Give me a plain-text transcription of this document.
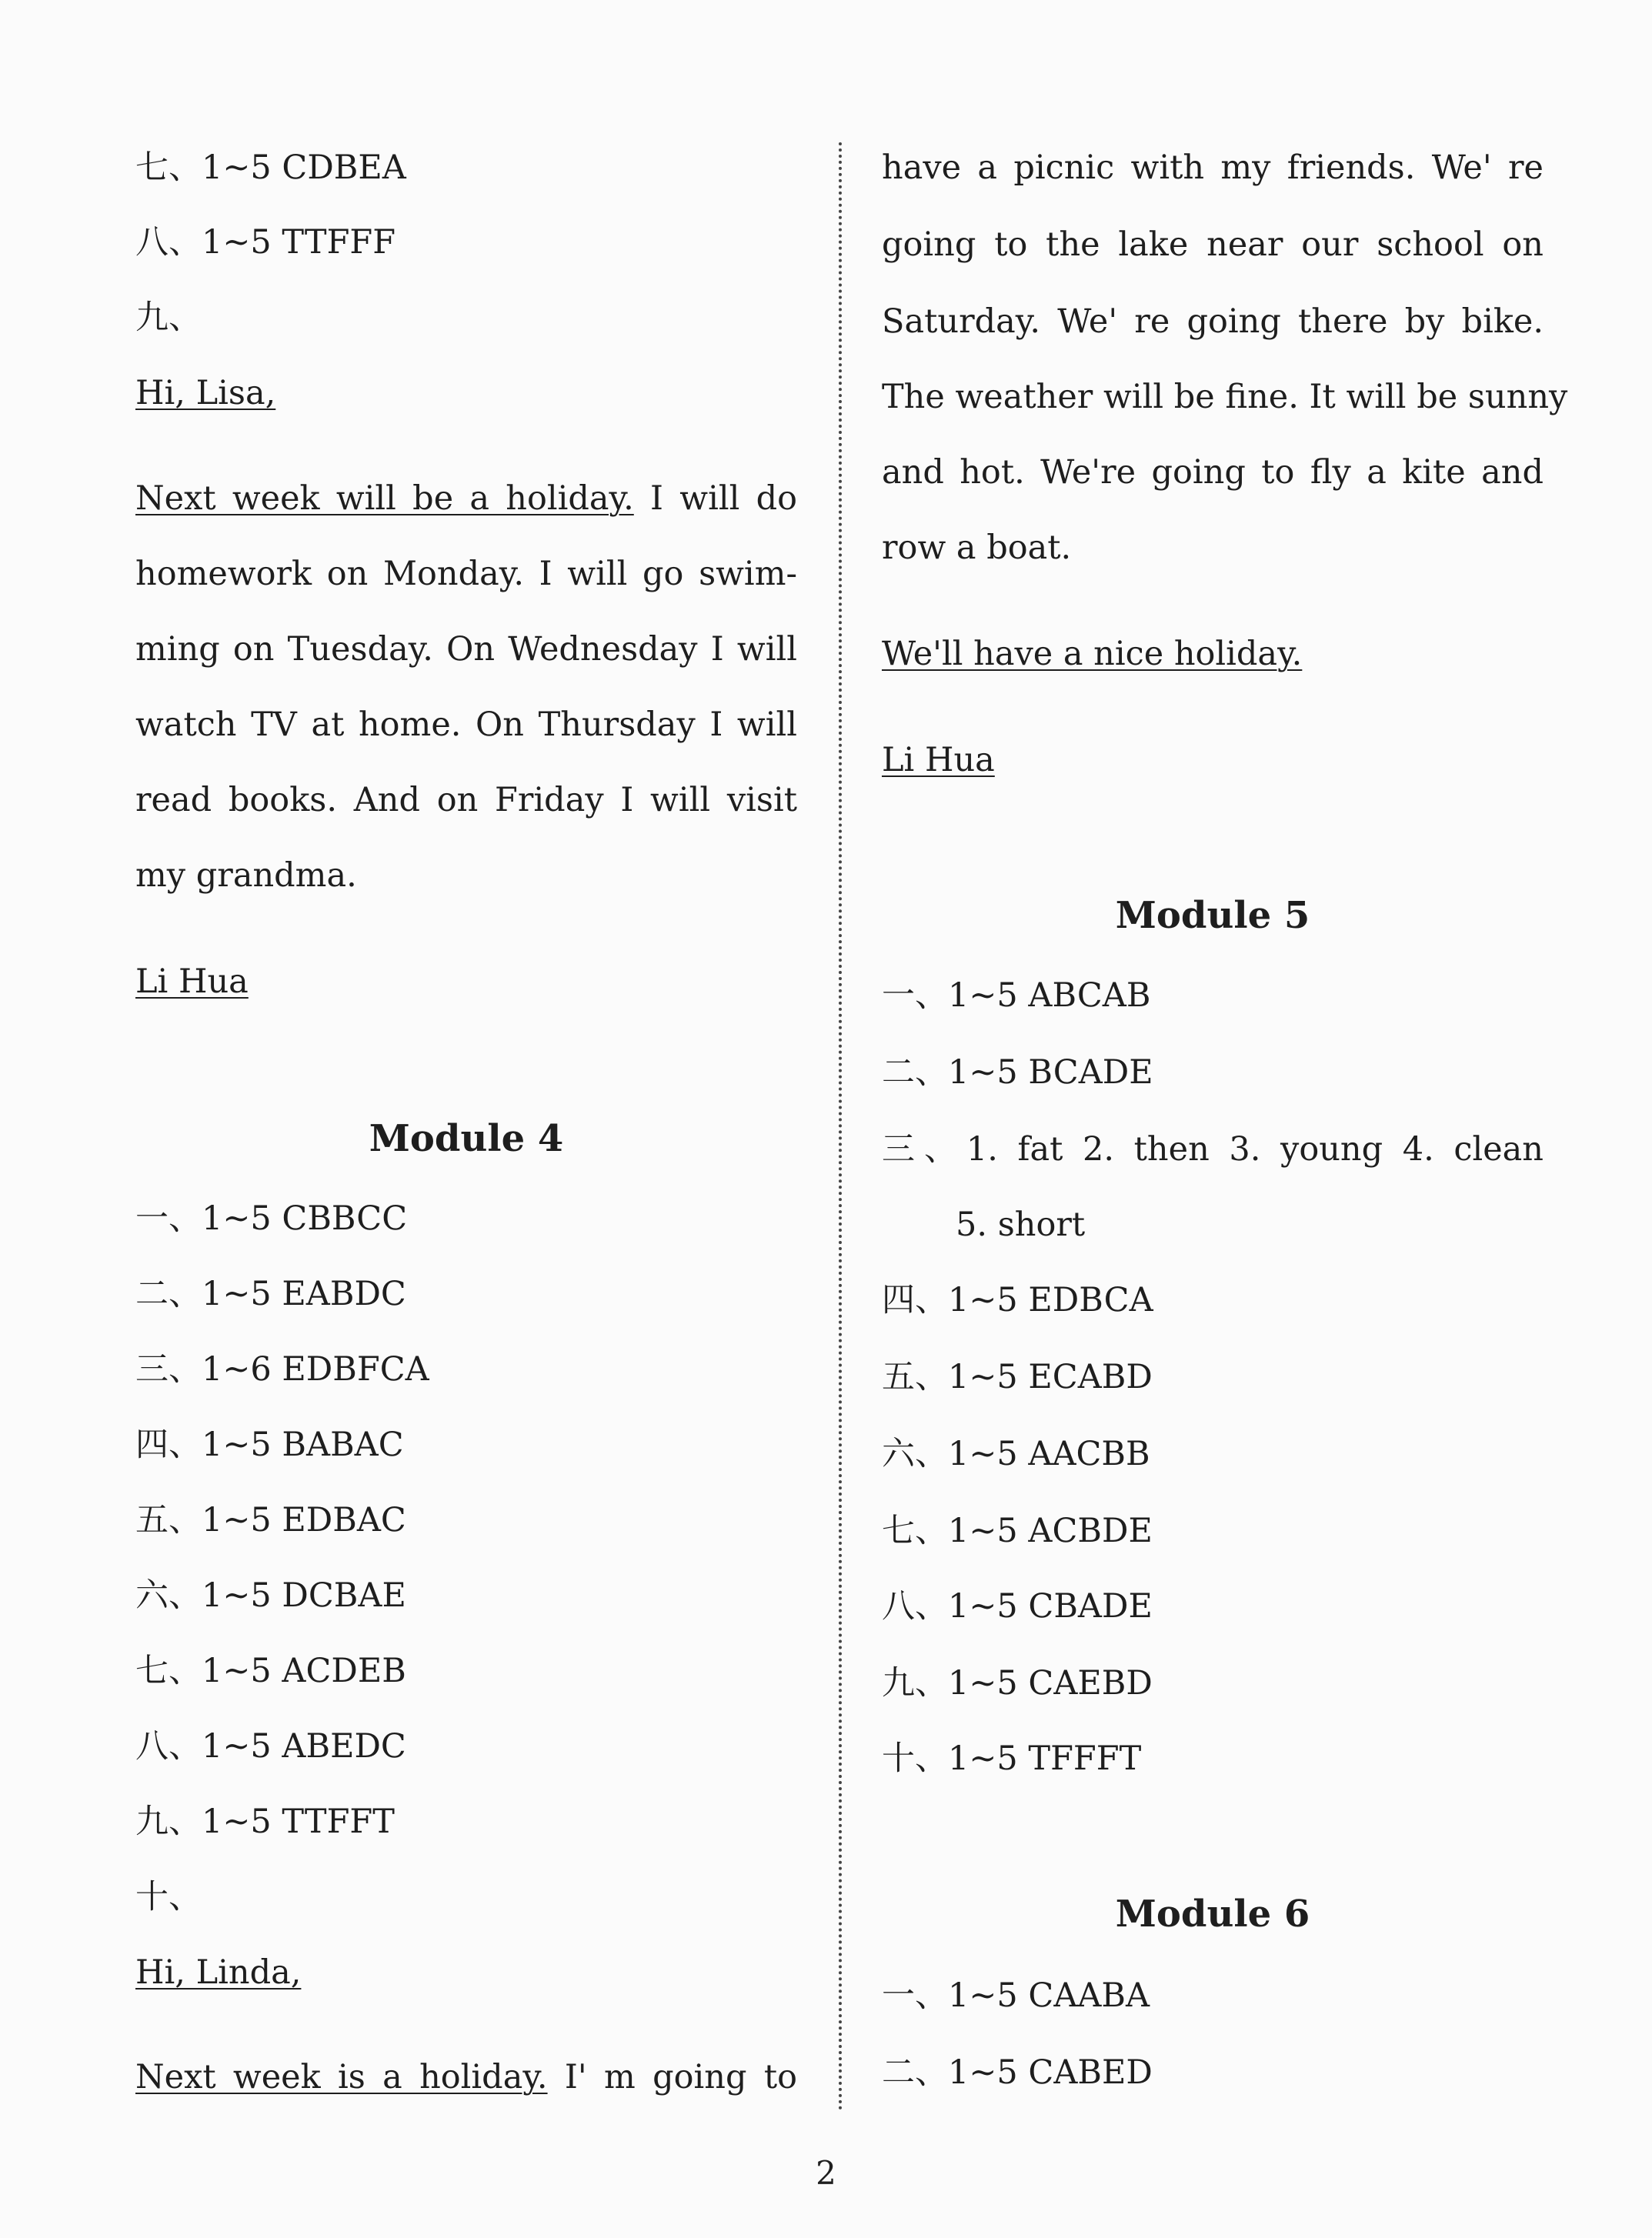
七、1~5 CDBEA
八、1~5 TTFFF
九、
Hi, Lisa,
Next week will be a holiday. I will do
homework on Monday. I will go swim-
ming on Tuesday. On Wednesday I will
watch TV at home. On Thursday I will
read books. And on Friday I will visit
my grandma.
Li Hua
Module 4
一、1~5 CBBCC
二、1~5 EABDC
三、1~6 EDBFCA
四、1~5 BABAC
五、1~5 EDBAC
六、1~5 DCBAE
七、1~5 ACDEB
八、1~5 ABEDC
九、1~5 TTFFT
十、
Hi, Linda,
Next week is a holiday. I' m going to
have a picnic with my friends. We' re
going to the lake near our school on
Saturday. We' re going there by bike.
The weather will be fine. It will be sunny
and hot. We're going to fly a kite and
row a boat.
We'll have a nice holiday.
Li Hua
Module 5
一、1~5 ABCAB
二、1~5 BCADE
三、1. fat 2. then 3. young 4. clean
5. short
四、1~5 EDBCA
五、1~5 ECABD
六、1~5 AACBB
七、1~5 ACBDE
八、1~5 CBADE
九、1~5 CAEBD
十、1~5 TFFFT
Module 6
一、1~5 CAABA
二、1~5 CABED
2
